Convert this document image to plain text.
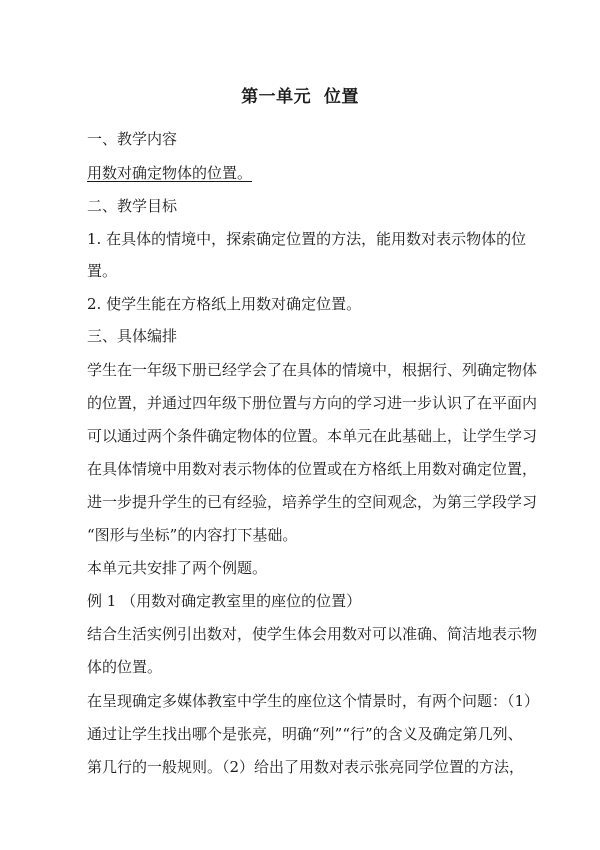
第一单元  位置
一、教学内容
用数对确定物体的位置。
二、教学目标
1. 在具体的情境中，探索确定位置的方法，能用数对表示物体的位
置。
2. 使学生能在方格纸上用数对确定位置。
三、具体编排
学生在一年级下册已经学会了在具体的情境中，根据行、列确定物体
的位置，并通过四年级下册位置与方向的学习进一步认识了在平面内
可以通过两个条件确定物体的位置。本单元在此基础上，让学生学习
在具体情境中用数对表示物体的位置或在方格纸上用数对确定位置，
进一步提升学生的已有经验，培养学生的空间观念，为第三学段学习
“图形与坐标”的内容打下基础。
本单元共安排了两个例题。
例 1 （用数对确定教室里的座位的位置）
结合生活实例引出数对，使学生体会用数对可以准确、简洁地表示物
体的位置。
在呈现确定多媒体教室中学生的座位这个情景时，有两个问题：（1）
通过让学生找出哪个是张亮，明确“列”“行”的含义及确定第几列、
第几行的一般规则。（2）给出了用数对表示张亮同学位置的方法，
